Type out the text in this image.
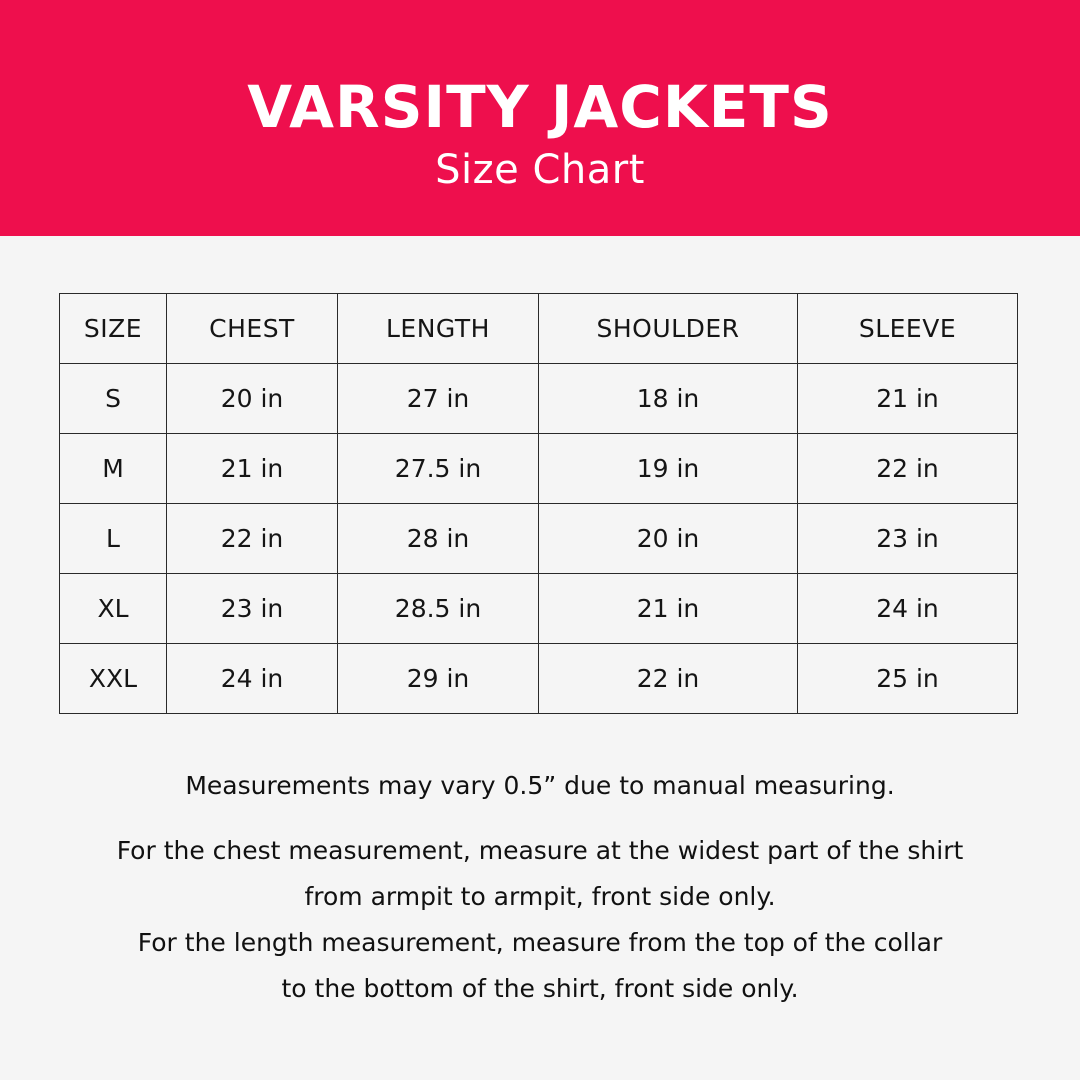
VARSITY JACKETS
Size Chart
SIZE	CHEST	LENGTH	SHOULDER	SLEEVE
S	20 in	27 in	18 in	21 in
M	21 in	27.5 in	19 in	22 in
L	22 in	28 in	20 in	23 in
XL	23 in	28.5 in	21 in	24 in
XXL	24 in	29 in	22 in	25 in
Measurements may vary 0.5” due to manual measuring.
For the chest measurement, measure at the widest part of the shirt
from armpit to armpit, front side only.
For the length measurement, measure from the top of the collar
to the bottom of the shirt, front side only.
